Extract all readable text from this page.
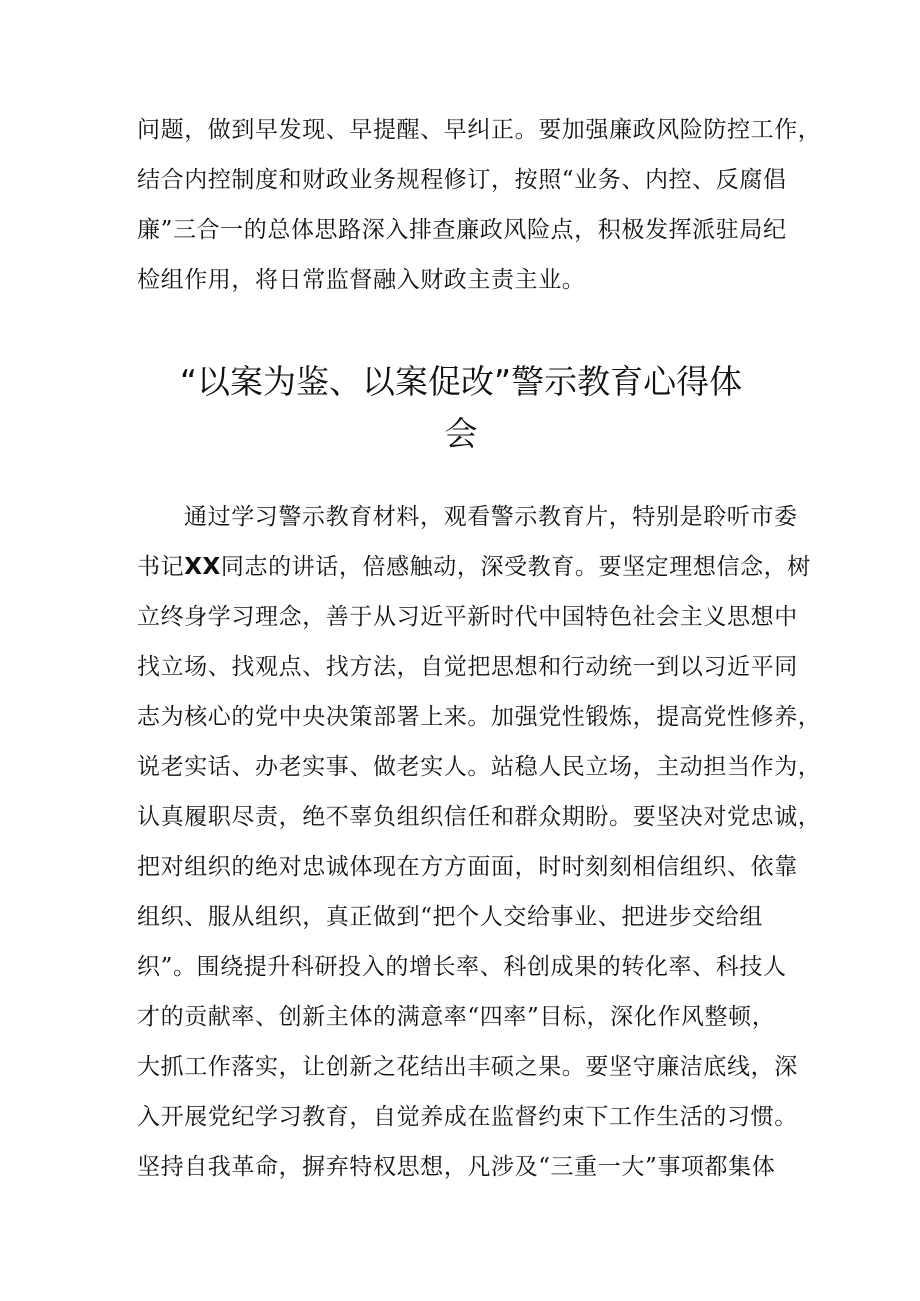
问题，做到早发现、早提醒、早纠正。要加强廉政风险防控工作，
结合内控制度和财政业务规程修订，按照“业务、内控、反腐倡
廉”三合一的总体思路深入排查廉政风险点，积极发挥派驻局纪
检组作用，将日常监督融入财政主责主业。
“以案为鉴、以案促改”警示教育心得体
会
通过学习警示教育材料，观看警示教育片，特别是聆听市委
书记XX同志的讲话，倍感触动，深受教育。要坚定理想信念，树
立终身学习理念，善于从习近平新时代中国特色社会主义思想中
找立场、找观点、找方法，自觉把思想和行动统一到以习近平同
志为核心的党中央决策部署上来。加强党性锻炼，提高党性修养，
说老实话、办老实事、做老实人。站稳人民立场，主动担当作为，
认真履职尽责，绝不辜负组织信任和群众期盼。要坚决对党忠诚，
把对组织的绝对忠诚体现在方方面面，时时刻刻相信组织、依靠
组织、服从组织，真正做到“把个人交给事业、把进步交给组
织”。围绕提升科研投入的增长率、科创成果的转化率、科技人
才的贡献率、创新主体的满意率“四率”目标，深化作风整顿，
大抓工作落实，让创新之花结出丰硕之果。要坚守廉洁底线，深
入开展党纪学习教育，自觉养成在监督约束下工作生活的习惯。
坚持自我革命，摒弃特权思想，凡涉及“三重一大”事项都集体
